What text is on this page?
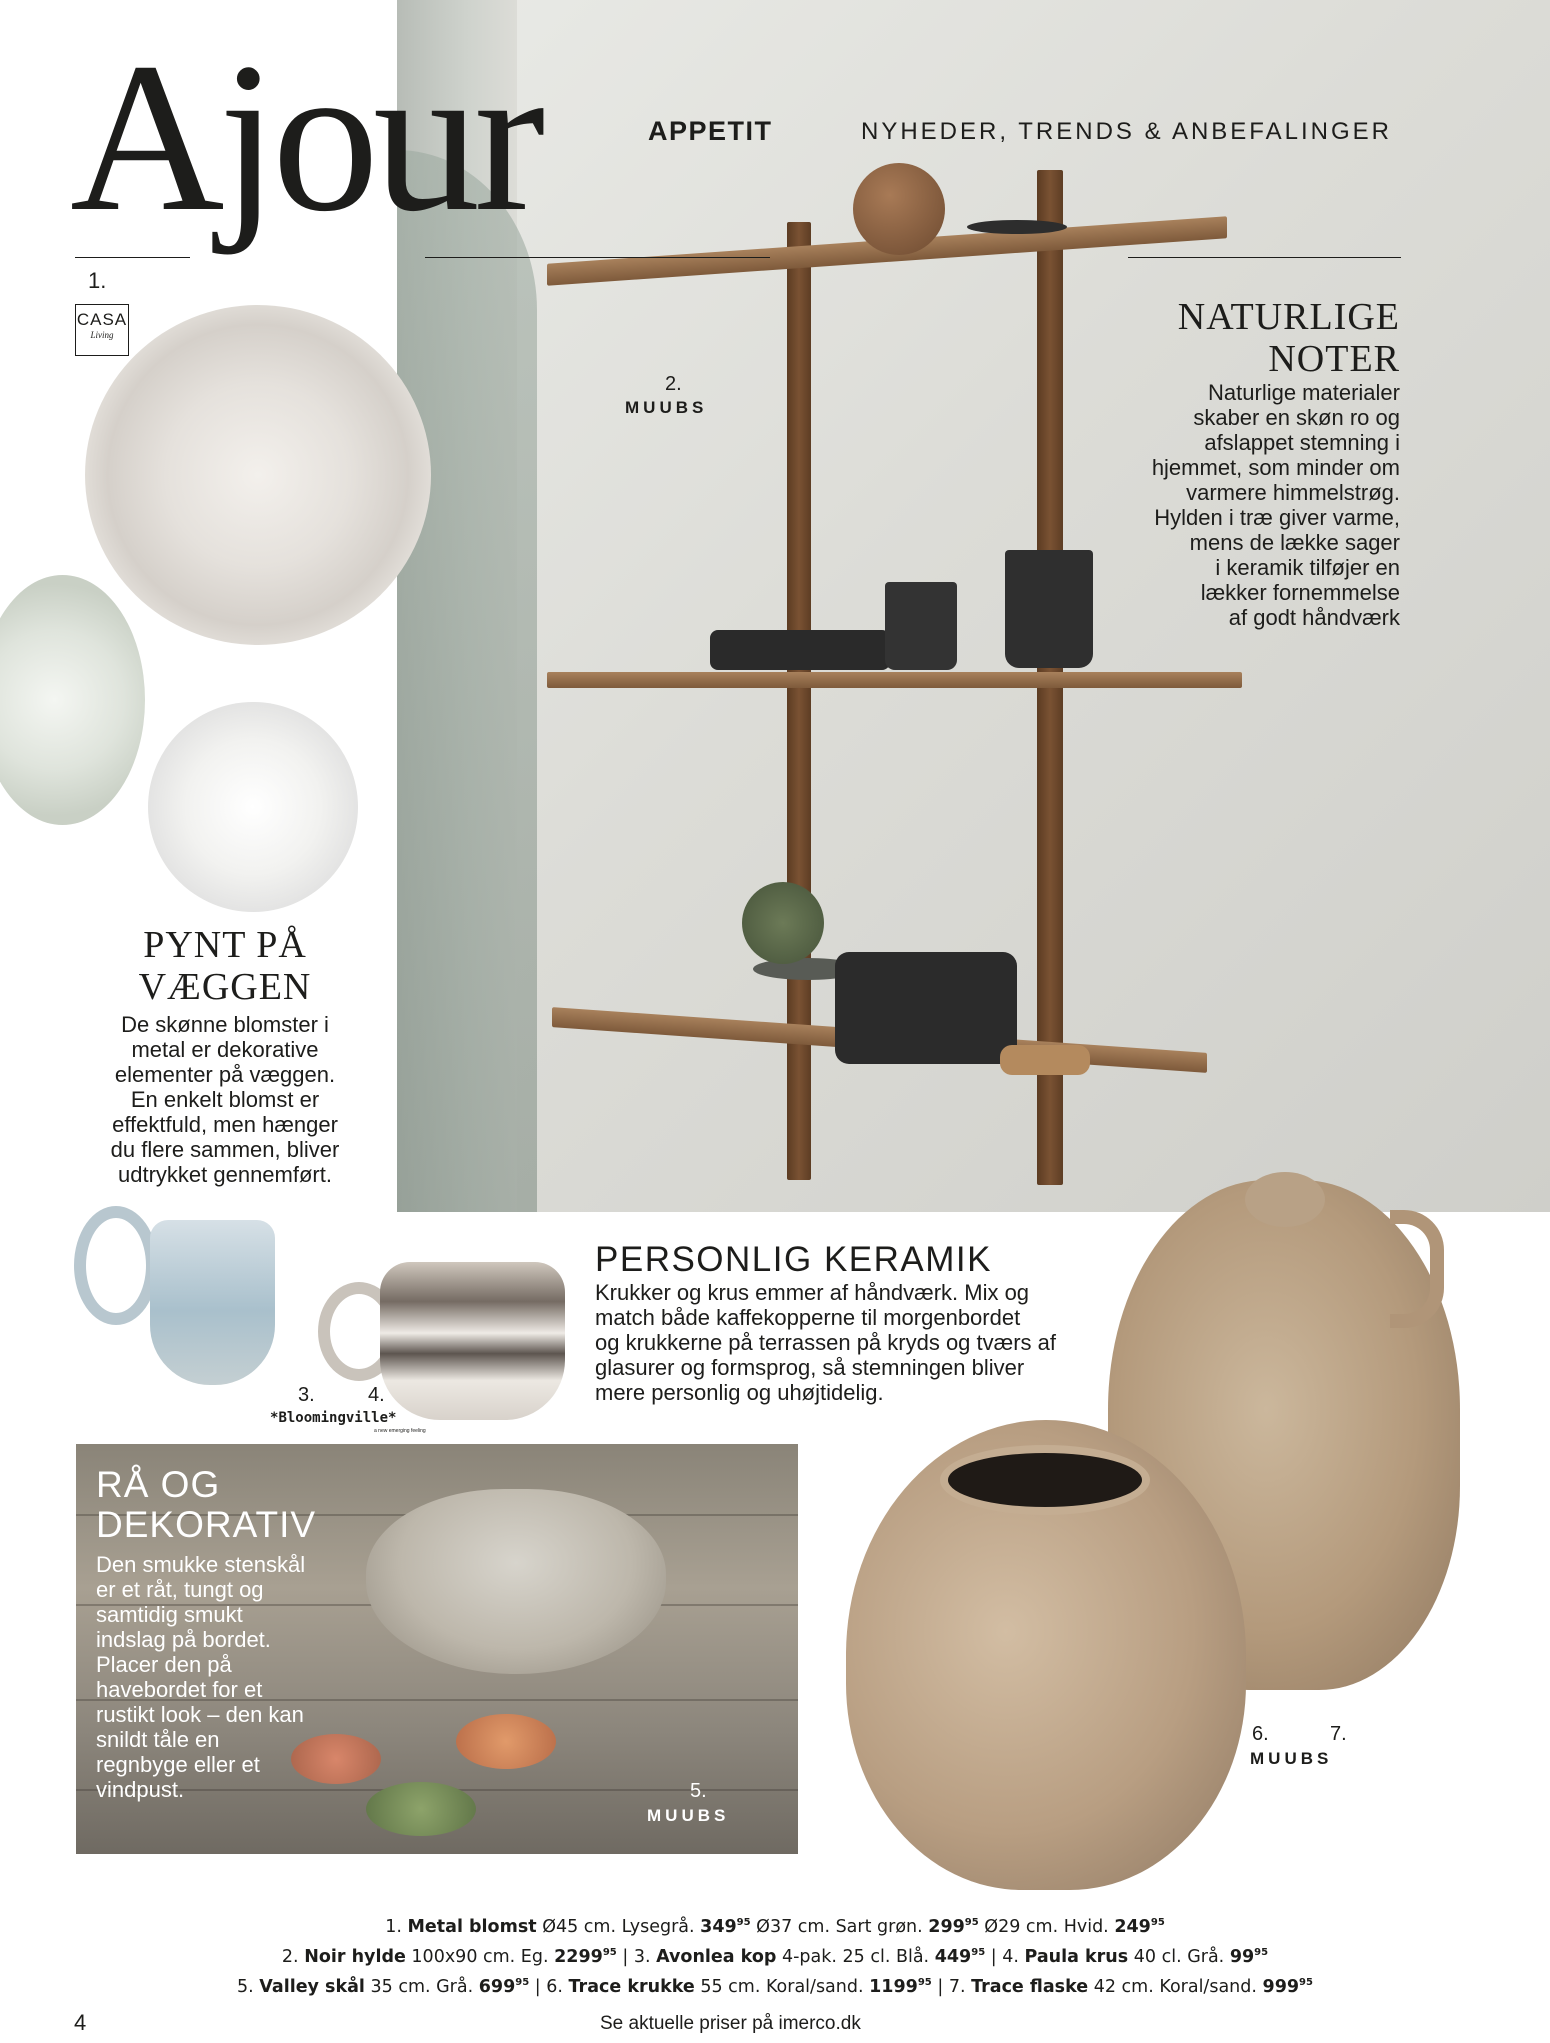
Ajour	APPETIT	NYHEDER, TRENDS & ANBEFALINGER
1.
CASA
Living
2.
MUUBS
NATURLIGE
NOTER
Naturlige materialer
skaber en skøn ro og
afslappet stemning i
hjemmet, som minder om
varmere himmelstrøg.
Hylden i træ giver varme,
mens de lække sager
i keramik tilføjer en
lækker fornemmelse
af godt håndværk
PYNT PÅ
VÆGGEN
De skønne blomster i
metal er dekorative
elementer på væggen.
En enkelt blomst er
effektfuld, men hænger
du flere sammen, bliver
udtrykket gennemført.
3.	4.
*Bloomingville*
a new emerging feeling
PERSONLIG KERAMIK
Krukker og krus emmer af håndværk. Mix og
match både kaffekopperne til morgenbordet
og krukkerne på terrassen på kryds og tværs af
glasurer og formsprog, så stemningen bliver
mere personlig og uhøjtidelig.
RÅ OG
DEKORATIV
Den smukke stenskål
er et råt, tungt og
samtidig smukt
indslag på bordet.
Placer den på
havebordet for et
rustikt look – den kan
snildt tåle en
regnbyge eller et
vindpust.	5.
MUUBS
6.	7.
MUUBS
1. Metal blomst Ø45 cm. Lysegrå. $349^{95}$ Ø37 cm. Sart grøn. $299^{95}$ Ø29 cm. Hvid. $249^{95}$
2. Noir hylde 100x90 cm. Eg. 2299$^{95}$ | 3. Avonlea kop 4-pak. 25 cl. Blå. $449^{95}$ | 4. Paula krus 40 cl. Grå. $99^{95}$
5. Valley skål 35 cm. Grå. $699^{95}$ | 6. Trace krukke 55 cm. Koral/sand. 1199$^{95}$ | 7. Trace flaske 42 cm. Koral/sand. $999^{95}$
4	Se aktuelle priser på imerco.dk
